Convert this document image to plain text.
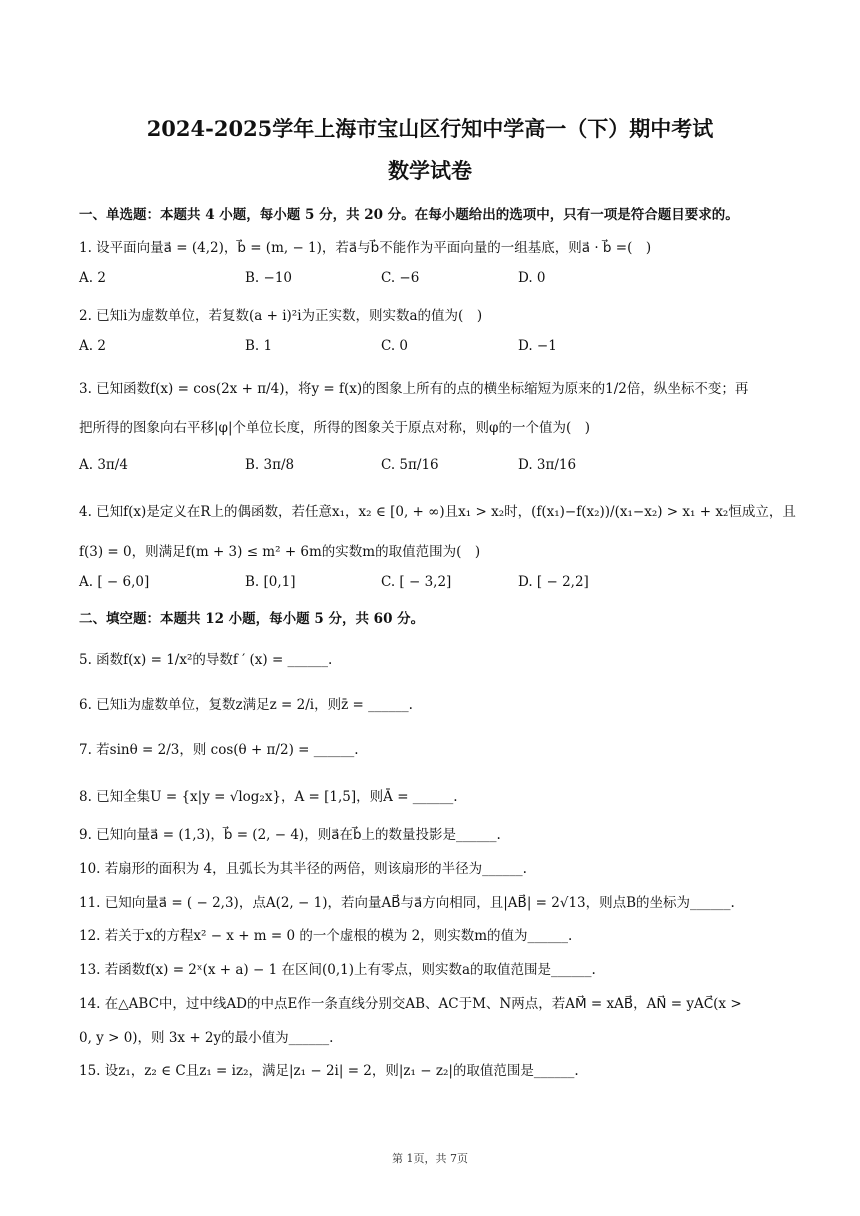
2024-2025学年上海市宝山区行知中学高一（下）期中考试
数学试卷
一、单选题：本题共 4 小题，每小题 5 分，共 20 分。在每小题给出的选项中，只有一项是符合题目要求的。
1. 设平面向量a⃗ = (4,2)，b⃗ = (m, − 1)，若a⃗与b⃗不能作为平面向量的一组基底，则a⃗ · b⃗ =(　)
A. 2	B. −10	C. −6	D. 0
2. 已知i为虚数单位，若复数(a + i)²i为正实数，则实数a的值为(　)
A. 2	B. 1	C. 0	D. −1
3. 已知函数f(x) = cos(2x + π/4)，将y = f(x)的图象上所有的点的横坐标缩短为原来的1/2倍，纵坐标不变；再
把所得的图象向右平移|φ|个单位长度，所得的图象关于原点对称，则φ的一个值为(　)
A. 3π/4	B. 3π/8	C. 5π/16	D. 3π/16
4. 已知f(x)是定义在R上的偶函数，若任意x₁，x₂ ∈ [0, + ∞)且x₁ > x₂时，(f(x₁)−f(x₂))/(x₁−x₂) > x₁ + x₂恒成立，且
f(3) = 0，则满足f(m + 3) ≤ m² + 6m的实数m的取值范围为(　)
A. [ − 6,0]	B. [0,1]	C. [ − 3,2]	D. [ − 2,2]
二、填空题：本题共 12 小题，每小题 5 分，共 60 分。
5. 函数f(x) = 1/x²的导数f ′ (x) = ______.
6. 已知i为虚数单位，复数z满足z = 2/i，则z̄ = ______.
7. 若sinθ = 2/3，则 cos(θ + π/2) = ______.
8. 已知全集U = {x|y = √log₂x}，A = [1,5]，则Ā = ______.
9. 已知向量a⃗ = (1,3)，b⃗ = (2, − 4)，则a⃗在b⃗上的数量投影是______.
10. 若扇形的面积为 4，且弧长为其半径的两倍，则该扇形的半径为______.
11. 已知向量a⃗ = ( − 2,3)，点A(2, − 1)，若向量AB⃗与a⃗方向相同，且|AB⃗| = 2√13，则点B的坐标为______.
12. 若关于x的方程x² − x + m = 0 的一个虚根的模为 2，则实数m的值为______.
13. 若函数f(x) = 2ˣ(x + a) − 1 在区间(0,1)上有零点，则实数a的取值范围是______.
14. 在△ABC中，过中线AD的中点E作一条直线分别交AB、AC于M、N两点，若AM⃗ = xAB⃗，AN⃗ = yAC⃗(x >
0, y > 0)，则 3x + 2y的最小值为______.
15. 设z₁，z₂ ∈ C且z₁ = iz₂，满足|z₁ − 2i| = 2，则|z₁ − z₂|的取值范围是______.
第 1页，共 7页
